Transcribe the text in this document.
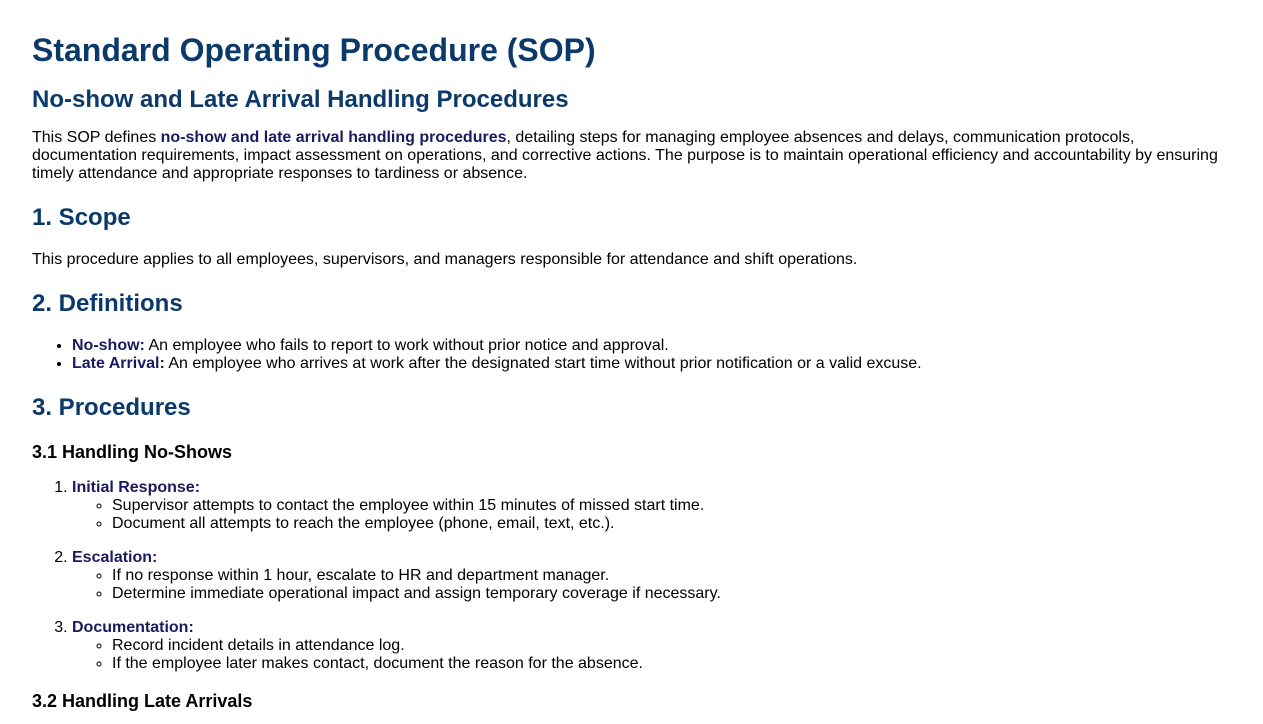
Standard Operating Procedure (SOP)
No-show and Late Arrival Handling Procedures

This SOP defines no-show and late arrival handling procedures, detailing steps for managing employee absences and delays, communication protocols, documentation requirements, impact assessment on operations, and corrective actions. The purpose is to maintain operational efficiency and accountability by ensuring timely attendance and appropriate responses to tardiness or absence.

1. Scope

This procedure applies to all employees, supervisors, and managers responsible for attendance and shift operations.

2. Definitions
• No-show: An employee who fails to report to work without prior notice and approval.
• Late Arrival: An employee who arrives at work after the designated start time without prior notification or a valid excuse.
3. Procedures
3.1 Handling No-Shows
1. Initial Response:
◦ Supervisor attempts to contact the employee within 15 minutes of missed start time.
◦ Document all attempts to reach the employee (phone, email, text, etc.).
2. Escalation:
◦ If no response within 1 hour, escalate to HR and department manager.
◦ Determine immediate operational impact and assign temporary coverage if necessary.
3. Documentation:
◦ Record incident details in attendance log.
◦ If the employee later makes contact, document the reason for the absence.
3.2 Handling Late Arrivals
